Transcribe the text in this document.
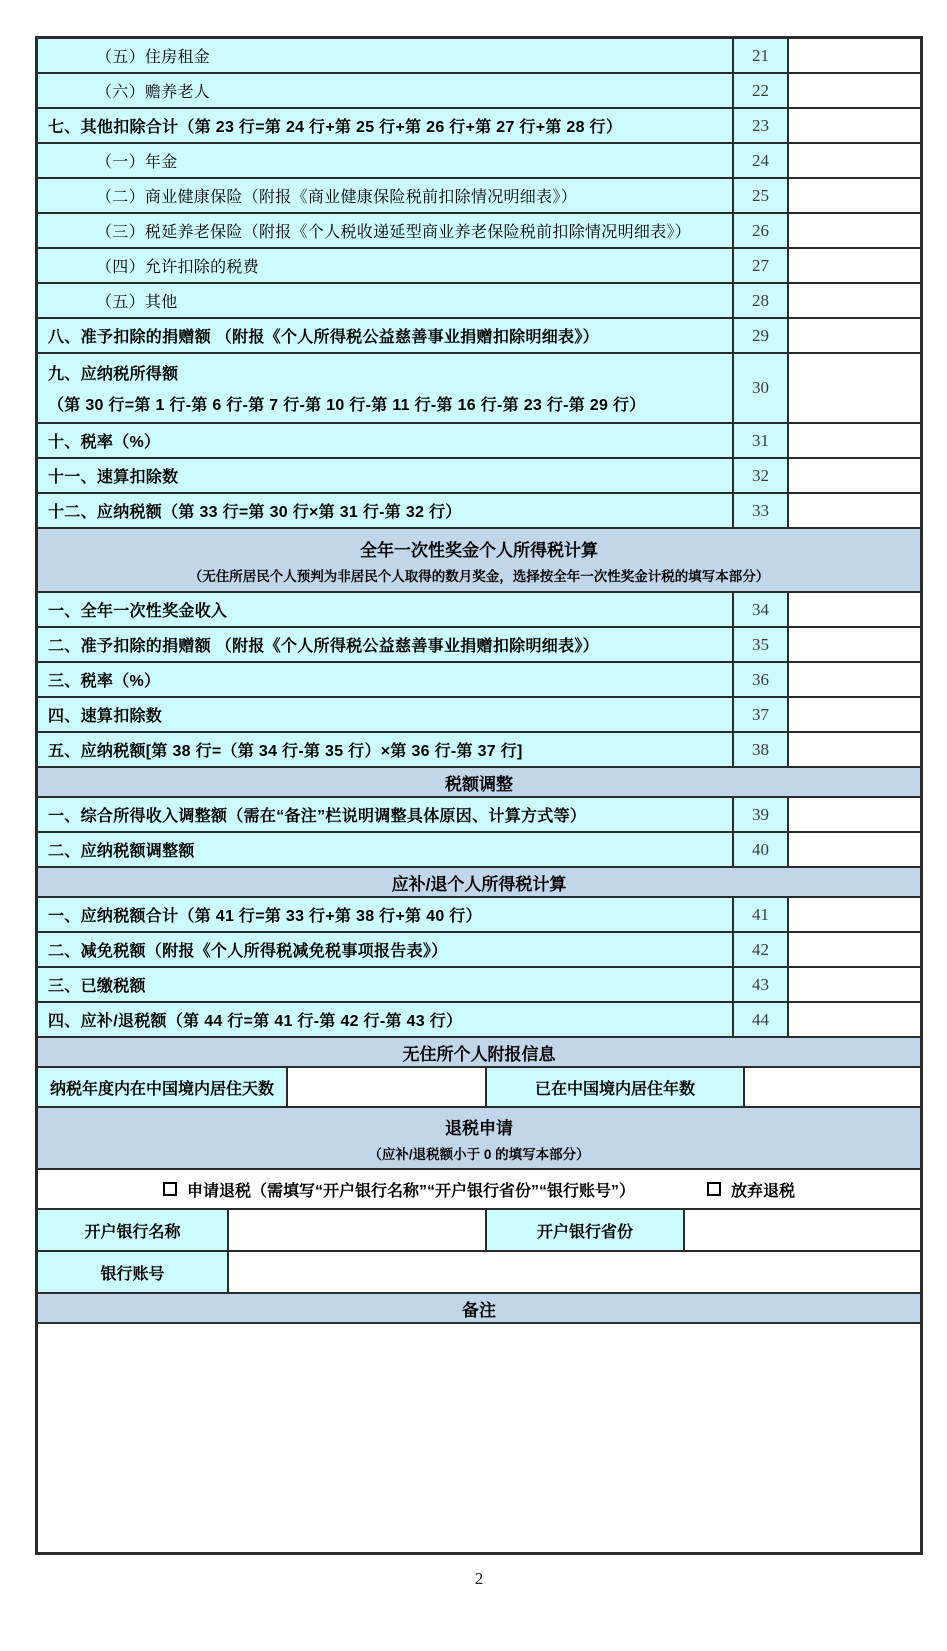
（五）住房租金	21
（六）赡养老人	22
七、其他扣除合计（第 23 行=第 24 行+第 25 行+第 26 行+第 27 行+第 28 行）	23
（一）年金	24
（二）商业健康保险（附报《商业健康保险税前扣除情况明细表》）	25
（三）税延养老保险（附报《个人税收递延型商业养老保险税前扣除情况明细表》）	26
（四）允许扣除的税费	27
（五）其他	28
八、准予扣除的捐赠额 （附报《个人所得税公益慈善事业捐赠扣除明细表》）	29
九、应纳税所得额
（第 30 行=第 1 行-第 6 行-第 7 行-第 10 行-第 11 行-第 16 行-第 23 行-第 29 行）
30
十、税率（%）	31
十一、速算扣除数	32
十二、应纳税额（第 33 行=第 30 行×第 31 行-第 32 行）	33
全年一次性奖金个人所得税计算
（无住所居民个人预判为非居民个人取得的数月奖金，选择按全年一次性奖金计税的填写本部分）
一、全年一次性奖金收入	34
二、准予扣除的捐赠额 （附报《个人所得税公益慈善事业捐赠扣除明细表》）	35
三、税率（%）	36
四、速算扣除数	37
五、应纳税额[第 38 行=（第 34 行-第 35 行）×第 36 行-第 37 行]	38
税额调整
一、综合所得收入调整额（需在“备注”栏说明调整具体原因、计算方式等）	39
二、应纳税额调整额	40
应补/退个人所得税计算
一、应纳税额合计（第 41 行=第 33 行+第 38 行+第 40 行）	41
二、减免税额（附报《个人所得税减免税事项报告表》）	42
三、已缴税额	43
四、应补/退税额（第 44 行=第 41 行-第 42 行-第 43 行）	44
无住所个人附报信息
纳税年度内在中国境内居住天数	已在中国境内居住年数
退税申请
（应补/退税额小于 0 的填写本部分）
申请退税（需填写“开户银行名称”“开户银行省份”“银行账号”）	放弃退税
开户银行名称	开户银行省份
银行账号
备注
2
